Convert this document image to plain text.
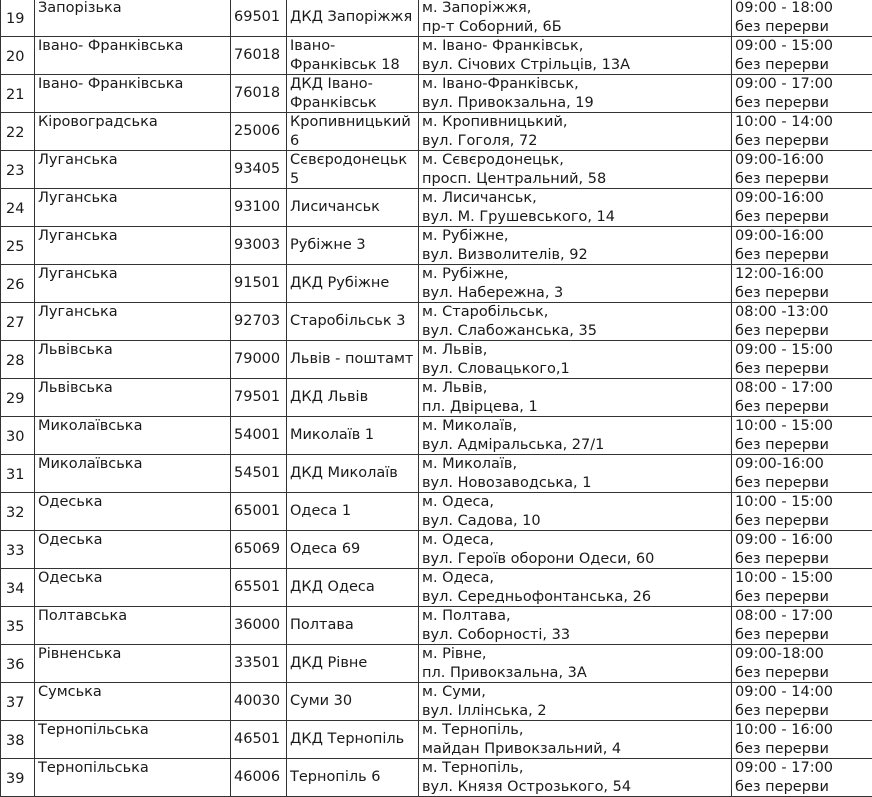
19	Запорізька	69501	ДКД Запоріжжя	м. Запоріжжя,
пр-т Соборний, 6Б	09:00 - 18:00
без перерви

20	Івано- Франківська	76018	Івано-Франківськ 18	м. Івано- Франківськ,
вул. Січових Стрільців, 13А	09:00 - 15:00
без перерви

21	Івано- Франківська	76018	ДКД Івано-Франківськ	м. Івано-Франківськ,
вул. Привокзальна, 19	09:00 - 17:00
без перерви

22	Кіровоградська	25006	Кропивницький 6	м. Кропивницький,
вул. Гоголя, 72	10:00 - 14:00
без перерви

23	Луганська	93405	Сєвєродонецьк 5	м. Сєвєродонецьк,
просп. Центральний, 58	09:00-16:00
без перерви

24	Луганська	93100	Лисичанськ	м. Лисичанськ,
вул. М. Грушевського, 14	09:00-16:00
без перерви

25	Луганська	93003	Рубіжне 3	м. Рубіжне,
вул. Визволителів, 92	09:00-16:00
без перерви

26	Луганська	91501	ДКД Рубіжне	м. Рубіжне,
вул. Набережна, 3	12:00-16:00
без перерви

27	Луганська	92703	Старобільськ 3	м. Старобільськ,
вул. Слабожанська, 35	08:00 -13:00
без перерви

28	Львівська	79000	Львів - поштамт	м. Львів,
вул. Словацького,1	09:00 - 15:00
без перерви

29	Львівська	79501	ДКД Львів	м. Львів,
пл. Двірцева, 1	08:00 - 17:00
без перерви

30	Миколаївська	54001	Миколаїв 1	м. Миколаїв,
вул. Адміральська, 27/1	10:00 - 15:00
без перерви

31	Миколаївська	54501	ДКД Миколаїв	м. Миколаїв,
вул. Новозаводська, 1	09:00-16:00
без перерви

32	Одеська	65001	Одеса 1	м. Одеса,
вул. Садова, 10	10:00 - 15:00
без перерви

33	Одеська	65069	Одеса 69	м. Одеса,
вул. Героїв оборони Одеси, 60	09:00 - 16:00
без перерви

34	Одеська	65501	ДКД Одеса	м. Одеса,
вул. Середньофонтанська, 26	10:00 - 15:00
без перерви

35	Полтавська	36000	Полтава	м. Полтава,
вул. Соборності, 33	08:00 - 17:00
без перерви

36	Рівненська	33501	ДКД Рівне	м. Рівне,
пл. Привокзальна, 3А	09:00-18:00
без перерви

37	Сумська	40030	Суми 30	м. Суми,
вул. Іллінська, 2	09:00 - 14:00
без перерви

38	Тернопільська	46501	ДКД Тернопіль	м. Тернопіль,
майдан Привокзальний, 4	10:00 - 16:00
без перерви

39	Тернопільська	46006	Тернопіль 6	м. Тернопіль,
вул. Князя Острозького, 54	09:00 - 17:00
без перерви
